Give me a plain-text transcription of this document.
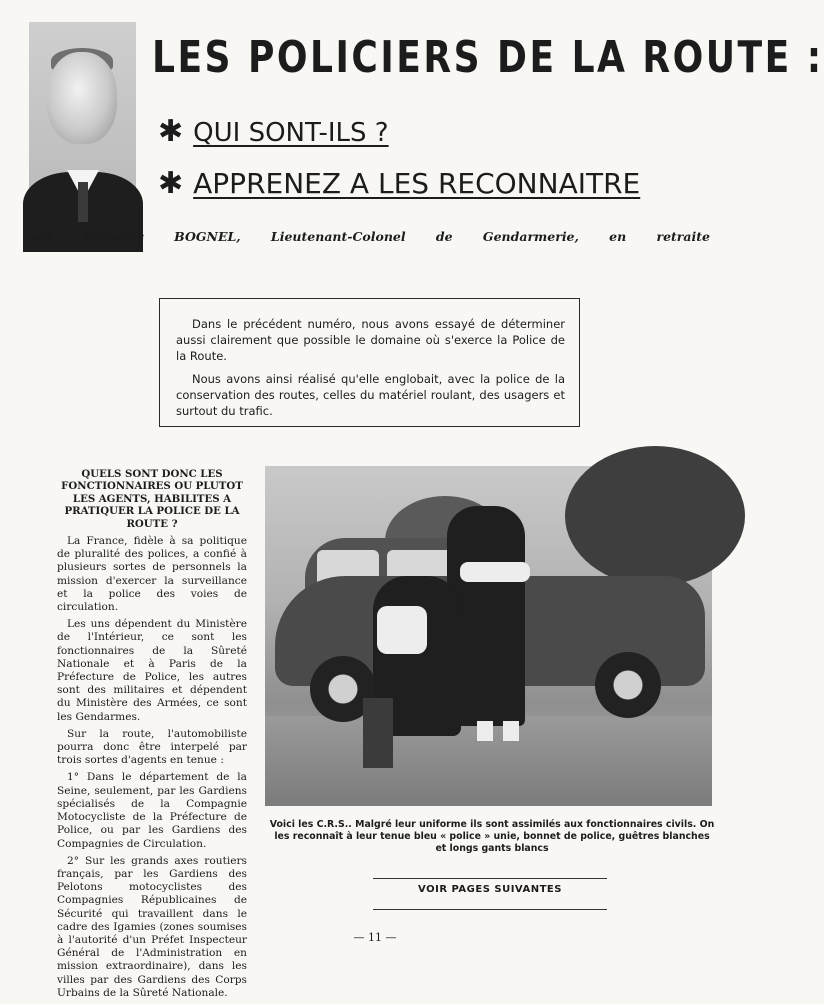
LES POLICIERS DE LA ROUTE :
✱ QUI SONT-ILS ?
✱ APPRENEZ A LES RECONNAITRE
par François BOGNEL, Lieutenant-Colonel de Gendarmerie, en retraite

Dans le précédent numéro, nous avons essayé de déterminer aussi clairement que possible le domaine où s'exerce la Police de la Route.

Nous avons ainsi réalisé qu'elle englobait, avec la police de la conservation des routes, celles du matériel roulant, des usagers et surtout du trafic.

QUELS SONT DONC LES FONCTIONNAIRES OU PLUTOT LES AGENTS, HABILITES A PRATIQUER LA POLICE DE LA ROUTE ?

La France, fidèle à sa politique de pluralité des polices, a confié à plusieurs sortes de personnels la mission d'exercer la surveillance et la police des voies de circulation.

Les uns dépendent du Ministère de l'Intérieur, ce sont les fonctionnaires de la Sûreté Nationale et à Paris de la Préfecture de Police, les autres sont des militaires et dépendent du Ministère des Armées, ce sont les Gendarmes.

Sur la route, l'automobiliste pourra donc être interpelé par trois sortes d'agents en tenue :

1° Dans le département de la Seine, seulement, par les Gardiens spécialisés de la Compagnie Motocycliste de la Préfecture de Police, ou par les Gardiens des Compagnies de Circulation.

2° Sur les grands axes routiers français, par les Gardiens des Pelotons motocyclistes des Compagnies Républicaines de Sécurité qui travaillent dans le cadre des Igamies (zones soumises à l'autorité d'un Préfet Inspecteur Général de l'Administration en mission extraordinaire), dans les villes par des Gardiens des Corps Urbains de la Sûreté Nationale.

Voici les C.R.S.. Malgré leur uniforme ils sont assimilés aux fonctionnaires civils. On les reconnaît à leur tenue bleu « police » unie, bonnet de police, guêtres blanches et longs gants blancs
VOIR PAGES SUIVANTES
— 11 —
